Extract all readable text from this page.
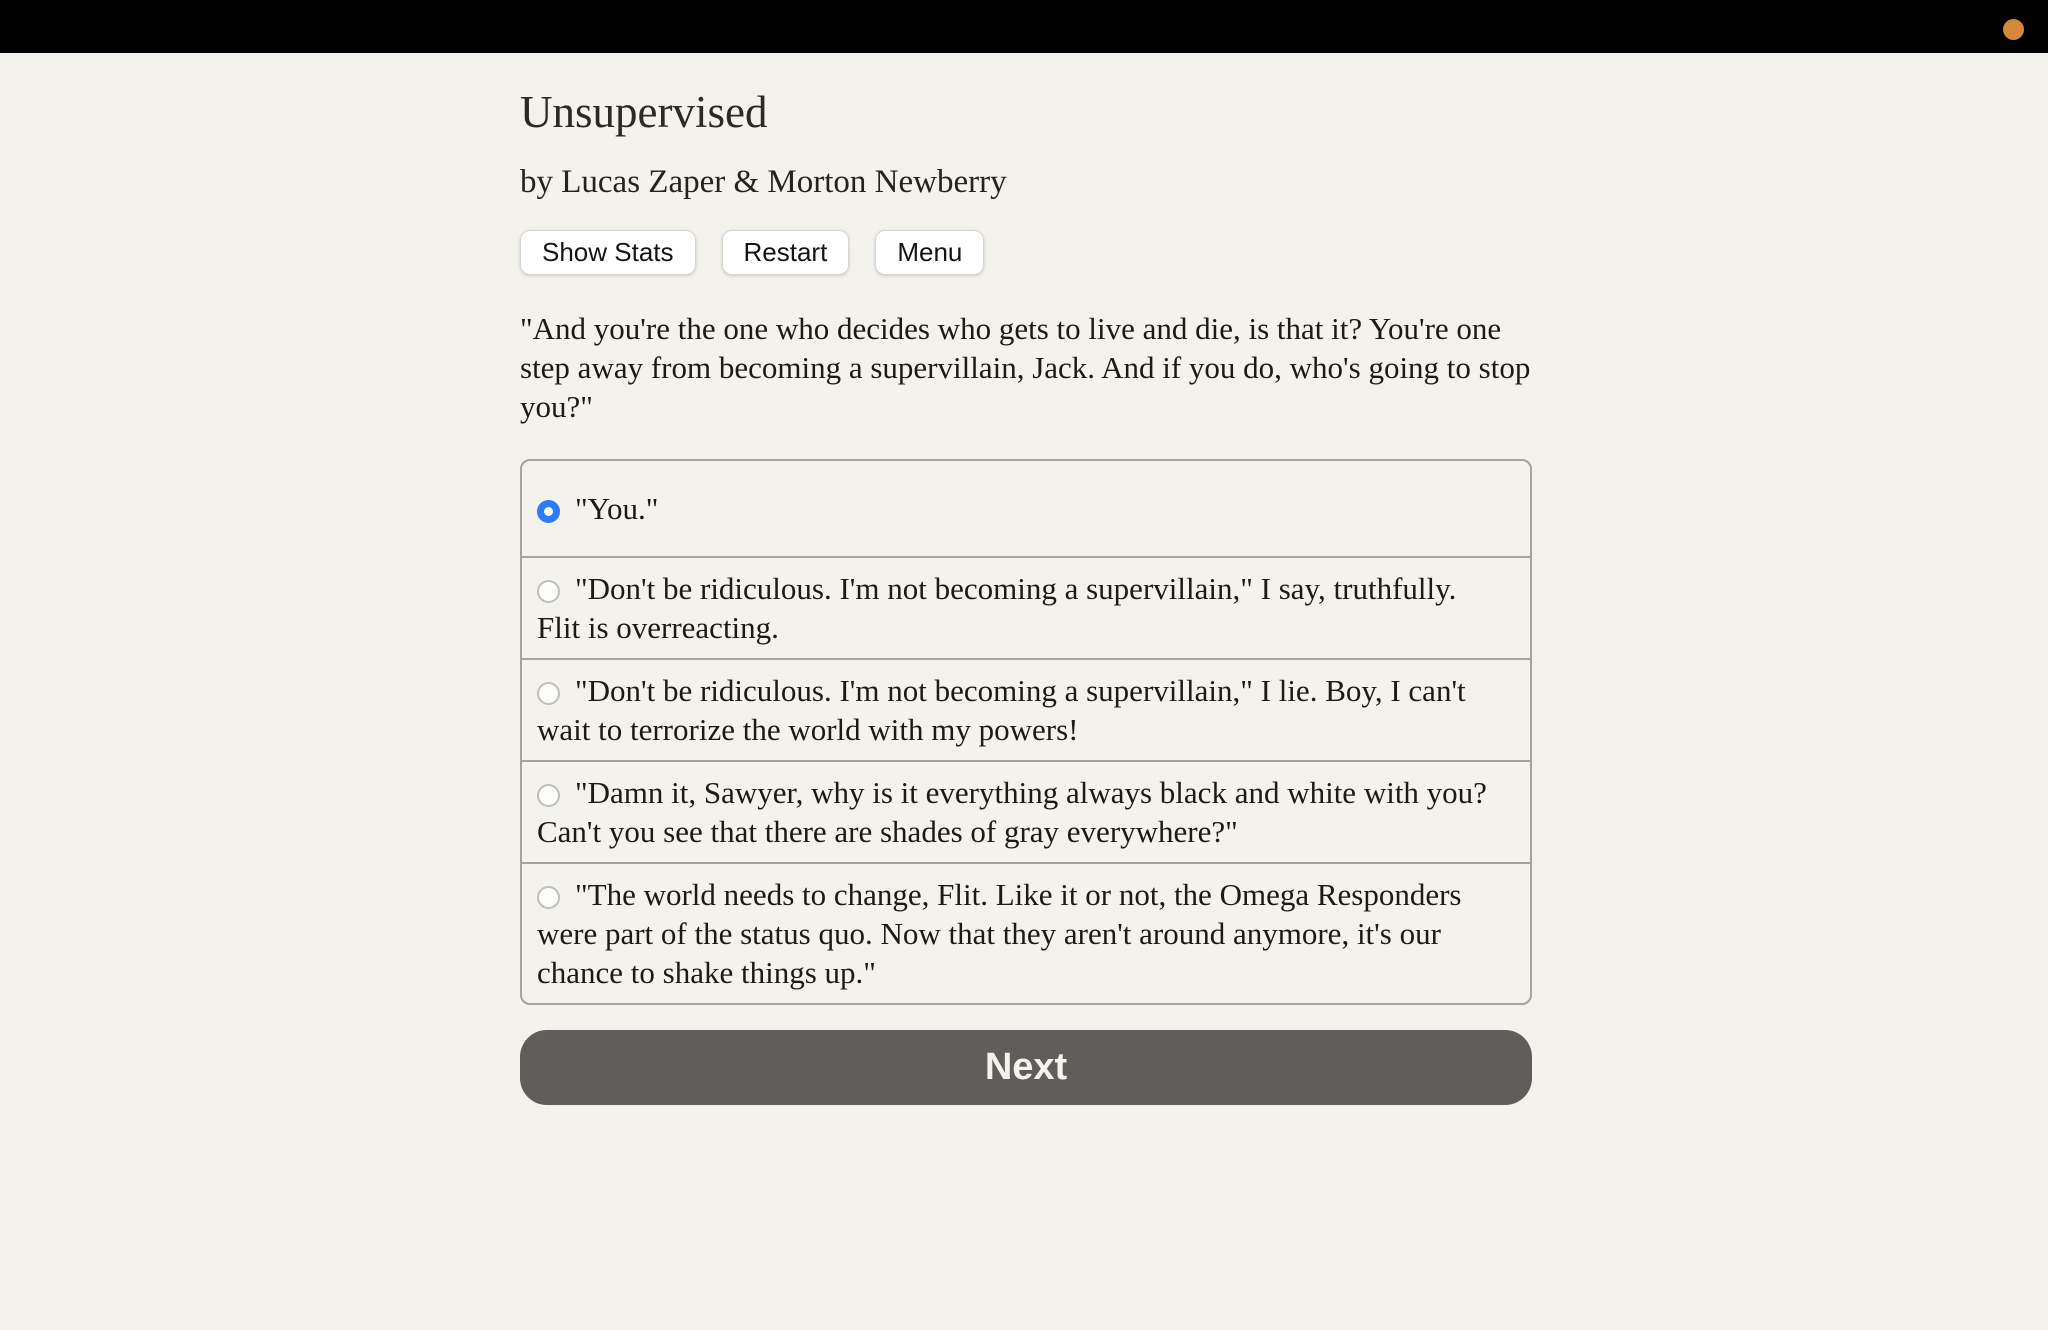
Unsupervised

by Lucas Zaper & Morton Newberry

Show Stats	Restart	Menu

"And you're the one who decides who gets to live and die, is that it? You're one step away from becoming a supervillain, Jack. And if you do, who's going to stop you?"

"You."
"Don't be ridiculous. I'm not becoming a supervillain," I say, truthfully. Flit is overreacting.
"Don't be ridiculous. I'm not becoming a supervillain," I lie. Boy, I can't wait to terrorize the world with my powers!
"Damn it, Sawyer, why is it everything always black and white with you? Can't you see that there are shades of gray everywhere?"
"The world needs to change, Flit. Like it or not, the Omega Responders were part of the status quo. Now that they aren't around anymore, it's our chance to shake things up."
Next
